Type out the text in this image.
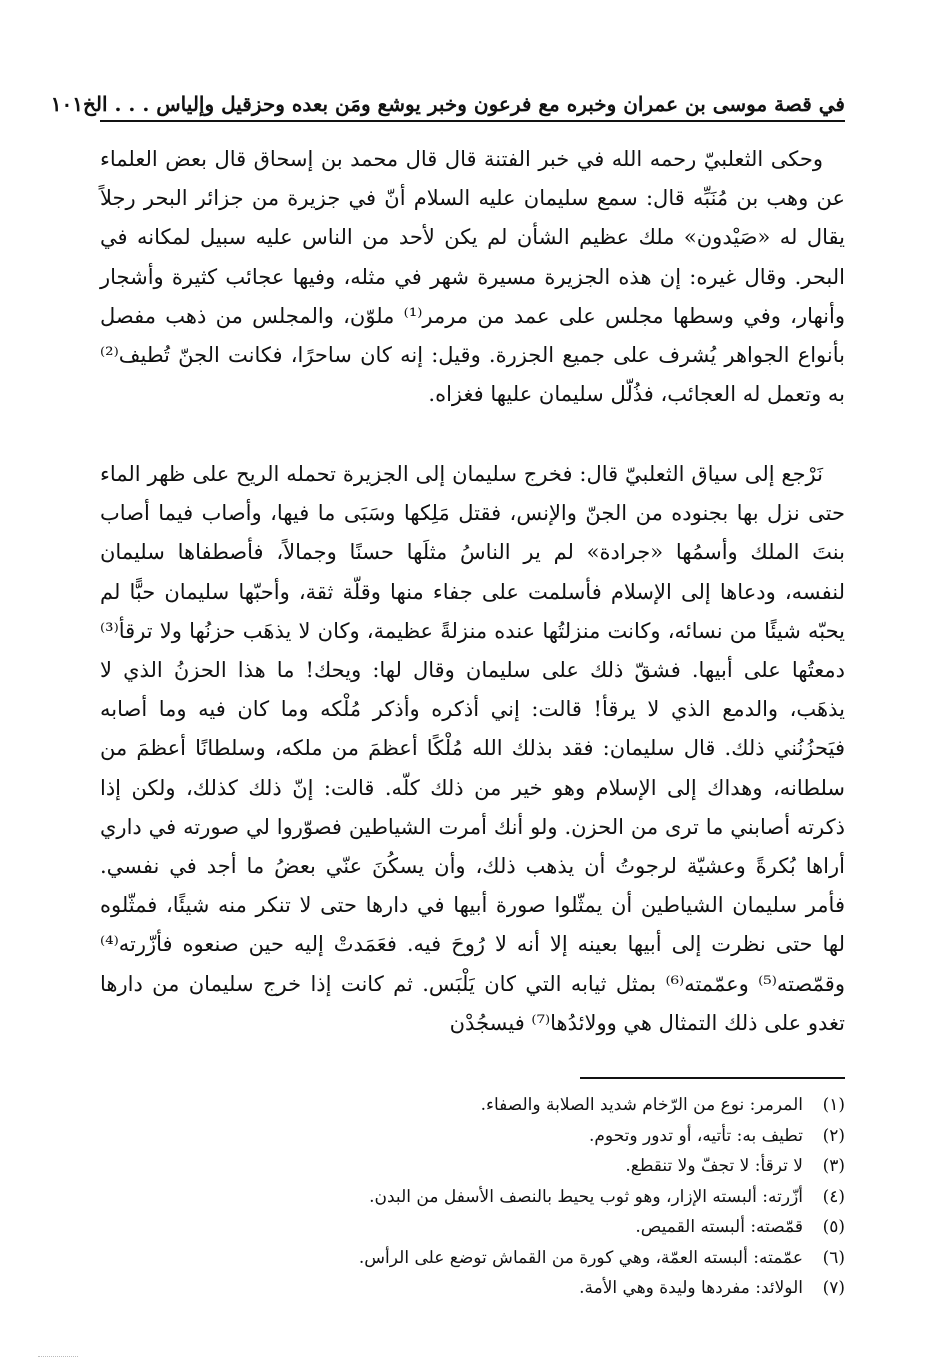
في قصة موسى بن عمران وخبره مع فرعون وخبر يوشع ومَن بعده وحزقيل وإلياس . . . الخ
١٠١

وحكى الثعلبيّ رحمه الله في خبر الفتنة قال قال محمد بن إسحاق قال بعض العلماء عن وهب بن مُنَبِّه قال: سمع سليمان عليه السلام أنّ في جزيرة من جزائر البحر رجلاً يقال له «صَيْدون» ملك عظيم الشأن لم يكن لأحد من الناس عليه سبيل لمكانه في البحر. وقال غيره: إن هذه الجزيرة مسيرة شهر في مثله، وفيها عجائب كثيرة وأشجار وأنهار، وفي وسطها مجلس على عمد من مرمر⁽¹⁾ ملوّن، والمجلس من ذهب مفصل بأنواع الجواهر يُشرف على جميع الجزرة. وقيل: إنه كان ساحرًا، فكانت الجنّ تُطيف⁽²⁾ به وتعمل له العجائب، فذُلّل سليمان عليها فغزاه.

نَرْجع إلى سياق الثعلبيّ قال: فخرج سليمان إلى الجزيرة تحمله الريح على ظهر الماء حتى نزل بها بجنوده من الجنّ والإنس، فقتل مَلِكها وسَبَى ما فيها، وأصاب فيما أصاب بنتَ الملك وأسمُها «جرادة» لم ير الناسُ مثلَها حسنًا وجمالاً، فأصطفاها سليمان لنفسه، ودعاها إلى الإسلام فأسلمت على جفاء منها وقلّة ثقة، وأحبّها سليمان حبًّا لم يحبّه شيئًا من نسائه، وكانت منزلتُها عنده منزلةً عظيمة، وكان لا يذهَب حزنُها ولا ترقأ⁽³⁾ دمعتُها على أبيها. فشقّ ذلك على سليمان وقال لها: ويحك! ما هذا الحزنُ الذي لا يذهَب، والدمع الذي لا يرقأ! قالت: إني أذكره وأذكر مُلْكه وما كان فيه وما أصابه فيَحزُنُني ذلك. قال سليمان: فقد بذلك الله مُلْكًا أعظمَ من ملكه، وسلطانًا أعظمَ من سلطانه، وهداك إلى الإسلام وهو خير من ذلك كلّه. قالت: إنّ ذلك كذلك، ولكن إذا ذكرته أصابني ما ترى من الحزن. ولو أنك أمرت الشياطين فصوّروا لي صورته في داري أراها بُكرةً وعشيّة لرجوتُ أن يذهب ذلك، وأن يسكُنَ عنّي بعضُ ما أجد في نفسي. فأمر سليمان الشياطين أن يمثّلوا صورة أبيها في دارها حتى لا تنكر منه شيئًا، فمثّلوه لها حتى نظرت إلى أبيها بعينه إلا أنه لا رُوحَ فيه. فعَمَدتْ إليه حين صنعوه فأزّرته⁽⁴⁾ وقمّصته⁽⁵⁾ وعمّمته⁽⁶⁾ بمثل ثيابه التي كان يَلْبَس. ثم كانت إذا خرج سليمان من دارها تغدو على ذلك التمثال هي وولائدُها⁽⁷⁾ فيسجُدْن

(١)
المرمر: نوع من الرّخام شديد الصلابة والصفاء.
(٢)
تطيف به: تأتيه، أو تدور وتحوم.
(٣)
لا ترقأ: لا تجفّ ولا تنقطع.
(٤)
أزّرته: ألبسته الإزار، وهو ثوب يحيط بالنصف الأسفل من البدن.
(٥)
قمّصته: ألبسته القميص.
(٦)
عمّمته: ألبسته العمّة، وهي كورة من القماش توضع على الرأس.
(٧)
الولائد: مفردها وليدة وهي الأمة.
